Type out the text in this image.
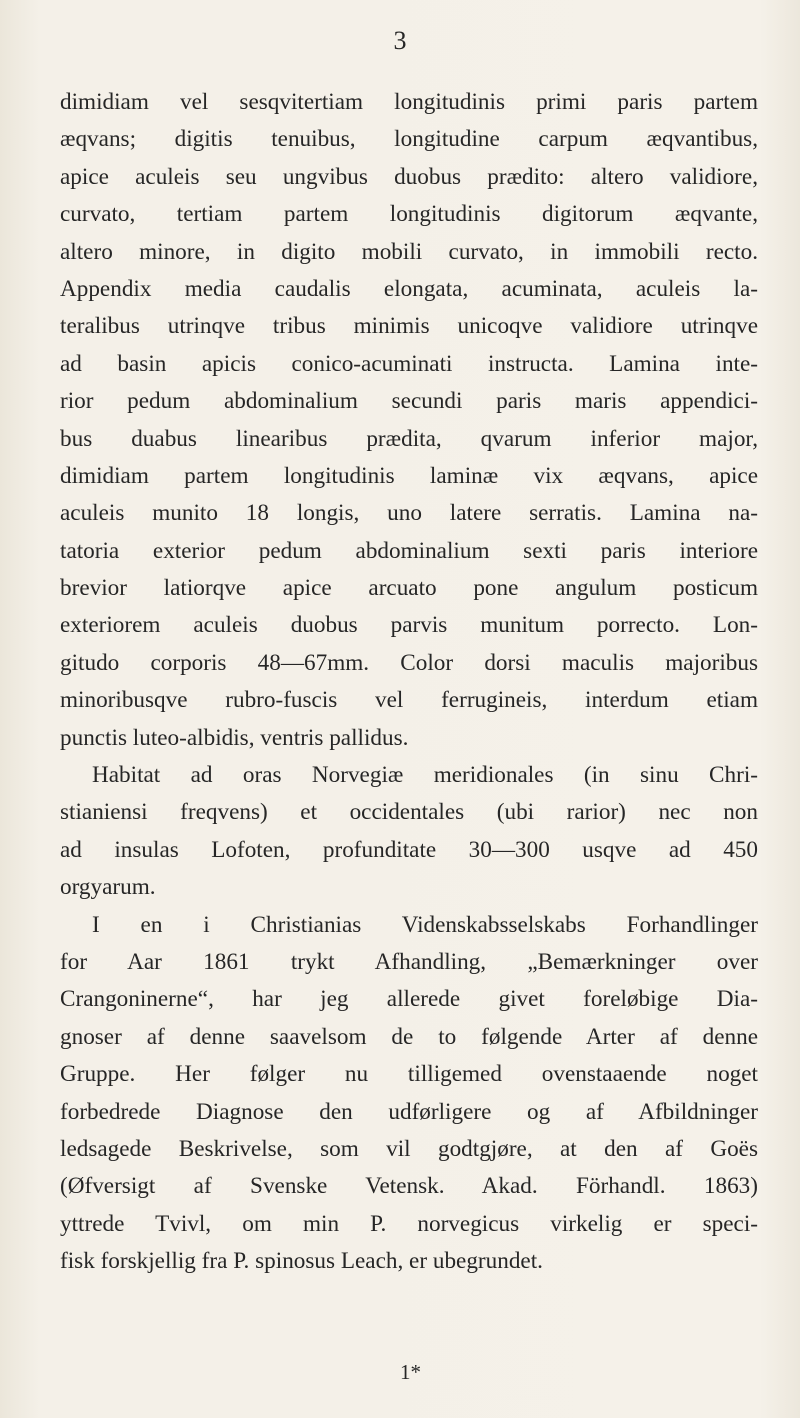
3
dimidiam vel sesqvitertiam longitudinis primi paris partem
æqvans; digitis tenuibus, longitudine carpum æqvantibus,
apice aculeis seu ungvibus duobus prædito: altero validiore,
curvato, tertiam partem longitudinis digitorum æqvante,
altero minore, in digito mobili curvato, in immobili recto.
Appendix media caudalis elongata, acuminata, aculeis la-
teralibus utrinqve tribus minimis unicoqve validiore utrinqve
ad basin apicis conico-acuminati instructa. Lamina inte-
rior pedum abdominalium secundi paris maris appendici-
bus duabus linearibus prædita, qvarum inferior major,
dimidiam partem longitudinis laminæ vix æqvans, apice
aculeis munito 18 longis, uno latere serratis. Lamina na-
tatoria exterior pedum abdominalium sexti paris interiore
brevior latiorqve apice arcuato pone angulum posticum
exteriorem aculeis duobus parvis munitum porrecto. Lon-
gitudo corporis 48—67mm. Color dorsi maculis majoribus
minoribusqve rubro-fuscis vel ferrugineis, interdum etiam
punctis luteo-albidis, ventris pallidus.
Habitat ad oras Norvegiæ meridionales (in sinu Chri-
stianiensi freqvens) et occidentales (ubi rarior) nec non
ad insulas Lofoten, profunditate 30—300 usqve ad 450
orgyarum.
I en i Christianias Videnskabsselskabs Forhandlinger
for Aar 1861 trykt Afhandling, „Bemærkninger over
Crangoninerne“, har jeg allerede givet foreløbige Dia-
gnoser af denne saavelsom de to følgende Arter af denne
Gruppe. Her følger nu tilligemed ovenstaaende noget
forbedrede Diagnose den udførligere og af Afbildninger
ledsagede Beskrivelse, som vil godtgjøre, at den af Goës
(Øfversigt af Svenske Vetensk. Akad. Förhandl. 1863)
yttrede Tvivl, om min P. norvegicus virkelig er speci-
fisk forskjellig fra P. spinosus Leach, er ubegrundet.
1*
